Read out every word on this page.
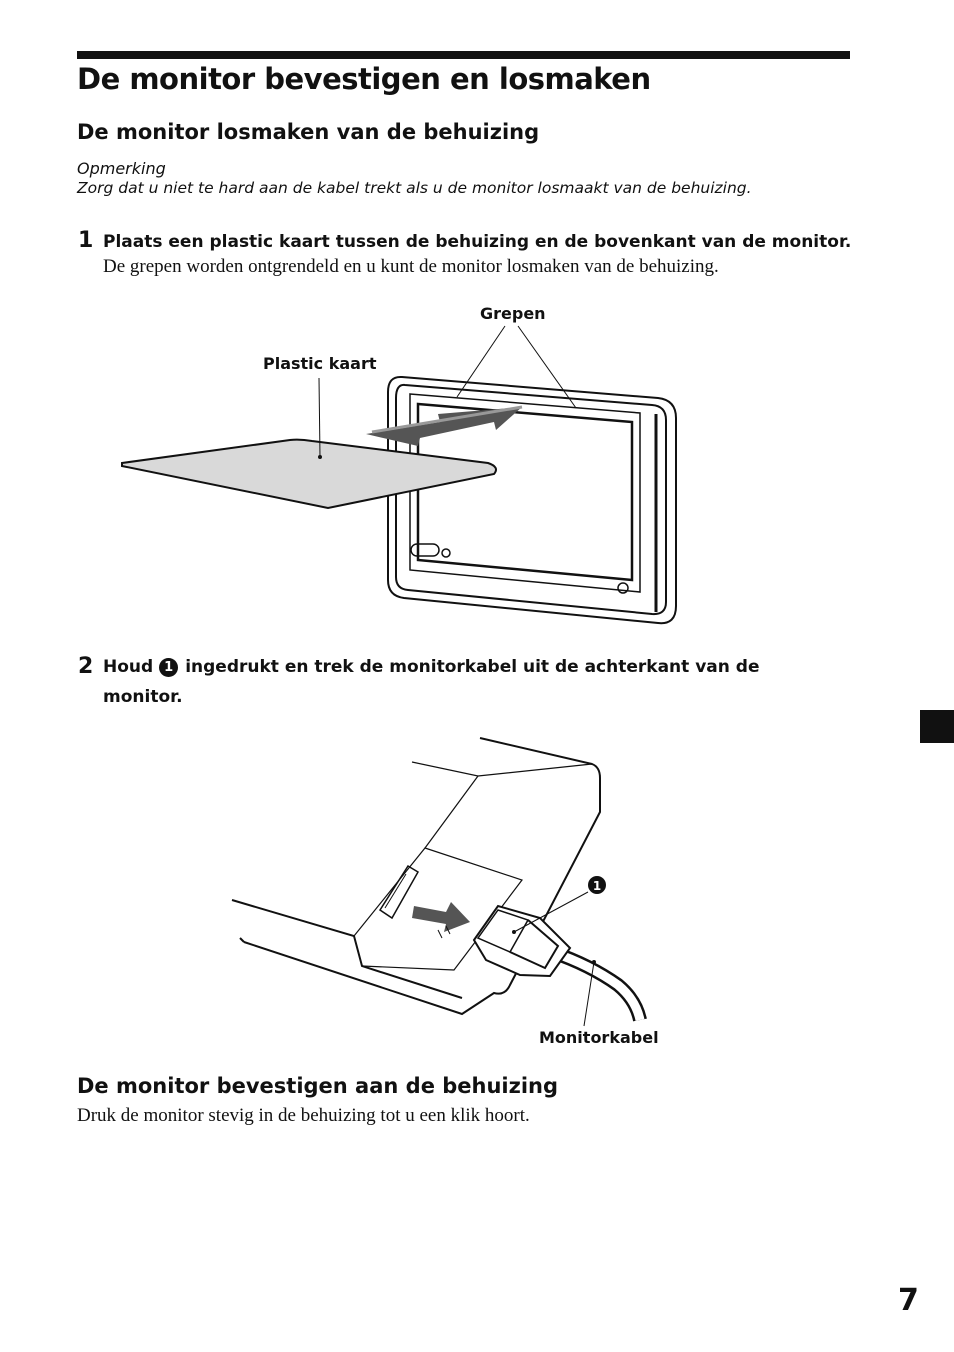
De monitor bevestigen en losmaken
De monitor losmaken van de behuizing
Opmerking
Zorg dat u niet te hard aan de kabel trekt als u de monitor losmaakt van de behuizing.
1 Plaats een plastic kaart tussen de behuizing en de bovenkant van de monitor.
De grepen worden ontgrendeld en u kunt de monitor losmaken van de behuizing.
Grepen
Plastic kaart
2 Houd 1 ingedrukt en trek de monitorkabel uit de achterkant van de
monitor.
1
Monitorkabel
De monitor bevestigen aan de behuizing
Druk de monitor stevig in de behuizing tot u een klik hoort.
7
